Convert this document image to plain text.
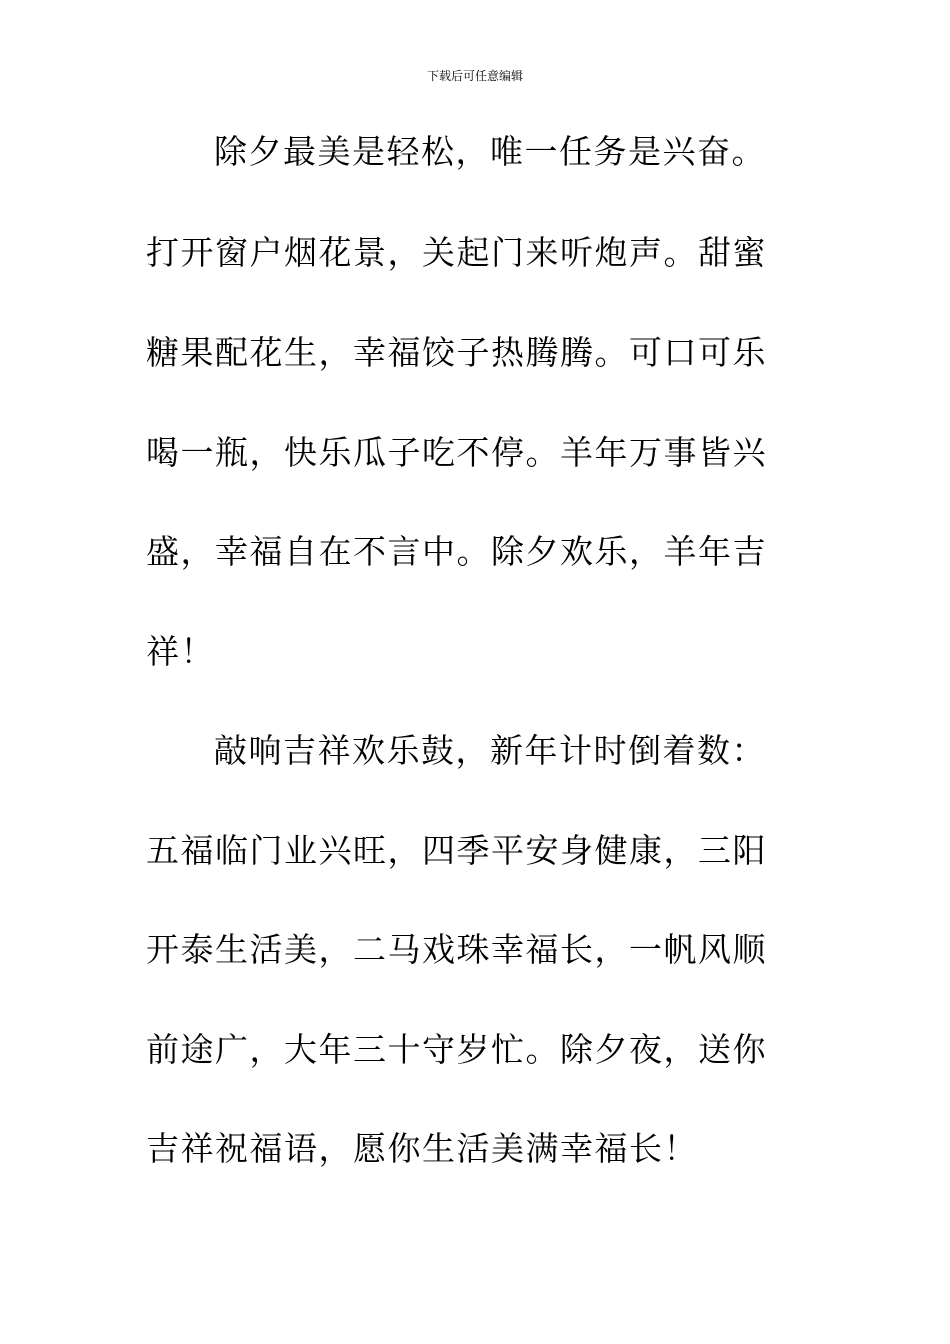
下载后可任意编辑
除夕最美是轻松，唯一任务是兴奋。
打开窗户烟花景，关起门来听炮声。甜蜜
糖果配花生，幸福饺子热腾腾。可口可乐
喝一瓶，快乐瓜子吃不停。羊年万事皆兴
盛，幸福自在不言中。除夕欢乐，羊年吉
祥！
敲响吉祥欢乐鼓，新年计时倒着数：
五福临门业兴旺，四季平安身健康，三阳
开泰生活美，二马戏珠幸福长，一帆风顺
前途广，大年三十守岁忙。除夕夜，送你
吉祥祝福语，愿你生活美满幸福长！
